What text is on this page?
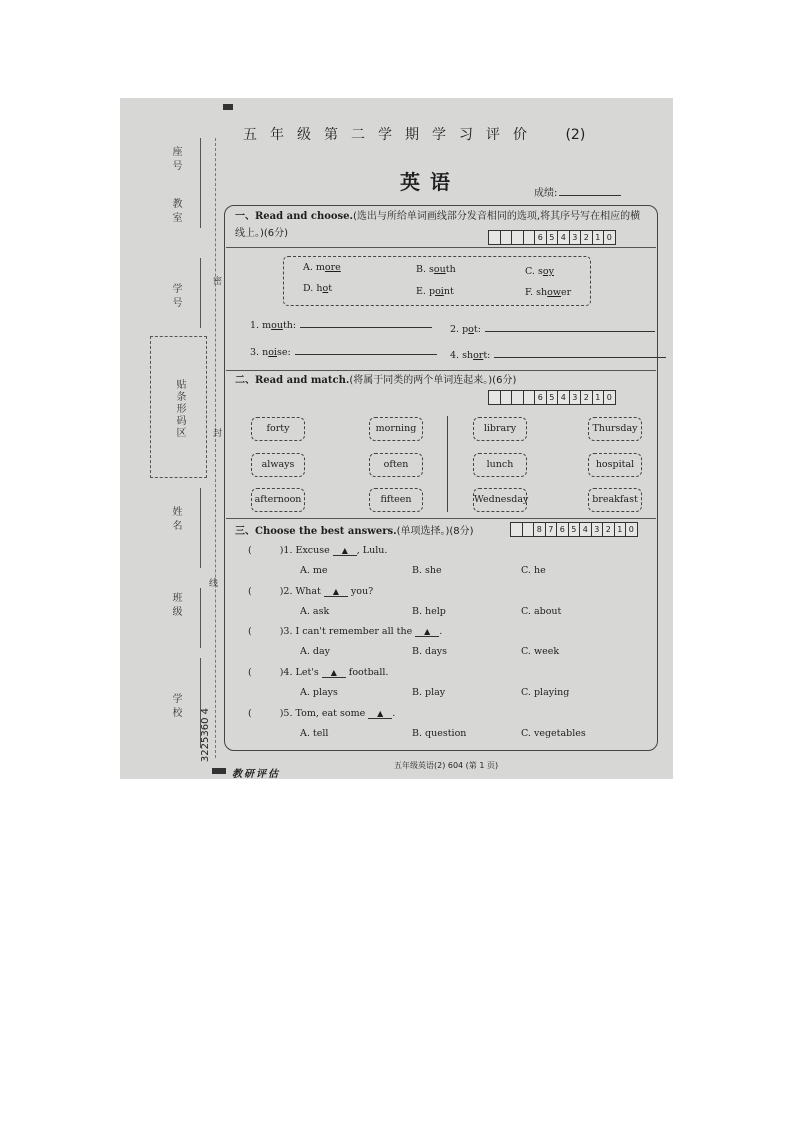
座号
教室
学号
贴条形码区
姓名
班级
学校
密
封
线
3225360 4
五年级第二学期学习评价 (2)
英语	成绩:
一、Read and choose.(选出与所给单词画线部分发音相同的选项,将其序号写在相应的横线上。)(6分)	6 5 4 3 2 1 0
A. more	B. south	C. soy
D. hot	E. point	F. shower
1. mouth:	2. pot:
3. noise:	4. short:
二、Read and match.(将属于同类的两个单词连起来。)(6分)
6 5 4 3 2 1 0
forty	morning	library	Thursday
always	often	lunch	hospital
afternoon	fifteen	Wednesday	breakfast
三、Choose the best answers.(单项选择。)(8分)	8 7 6 5 4 3 2 1 0
(	)1. Excuse ▲ , Lulu.
A. me	B. she	C. he
(	)2. What ▲ you?
A. ask	B. help	C. about
(	)3. I can't remember all the ▲ .
A. day	B. days	C. week
(	)4. Let's ▲ football.
A. plays	B. play	C. playing
(	)5. Tom, eat some ▲ .
A. tell	B. question	C. vegetables
教研评估
五年级英语(2) 604 (第 1 页)
